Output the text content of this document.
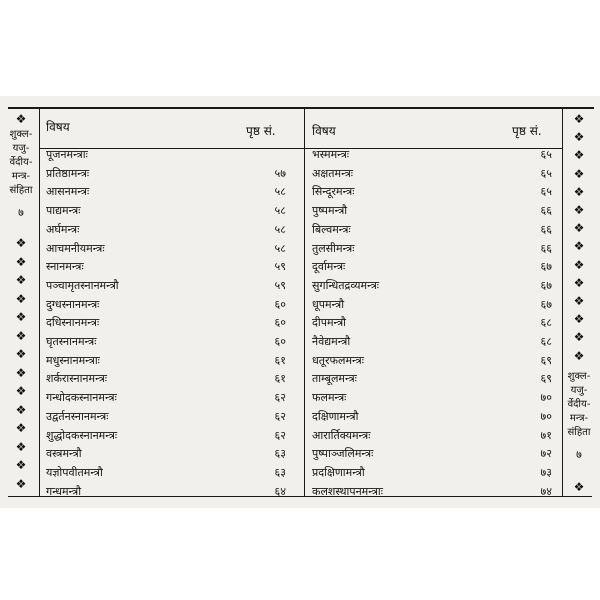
❖
शुक्ल-
यजु-
र्वेदीय-
मन्त्र-
संहिता
७
❖
❖
❖
❖
❖
❖
❖
❖
❖
❖
❖
❖
❖
❖
❖
❖
❖
❖
❖
❖
❖
❖
❖
❖
❖
❖
❖
❖
शुक्ल-
यजु-
र्वेदीय-
मन्त्र-
संहिता
७
❖
विषय	पृष्ठ सं.	विषय	पृष्ठ सं.
पूजनमन्त्राः
प्रतिष्ठामन्त्रः	५७
आसनमन्त्रः	५८
पाद्यमन्त्रः	५८
अर्घमन्त्रः	५८
आचमनीयमन्त्रः	५८
स्नानमन्त्रः	५९
पञ्चामृतस्नानमन्त्रौ	५९
दुग्धस्नानमन्त्रः	६०
दधिस्नानमन्त्रः	६०
घृतस्नानमन्त्रः	६०
मधुस्नानमन्त्राः	६१
शर्करास्नानमन्त्रः	६१
गन्धोदकस्नानमन्त्रः	६२
उद्वर्तनस्नानमन्त्रः	६२
शुद्धोदकस्नानमन्त्रः	६२
वस्त्रमन्त्रौ	६३
यज्ञोपवीतमन्त्रौ	६३
गन्धमन्त्रौ	६४
भस्ममन्त्रः	६५
अक्षतमन्त्रः	६५
सिन्दूरमन्त्रः	६५
पुष्पमन्त्रौ	६६
बिल्वमन्त्रः	६६
तुलसीमन्त्रः	६६
दूर्वामन्त्रः	६७
सुगन्धितद्रव्यमन्त्रः	६७
धूपमन्त्रौ	६७
दीपमन्त्रौ	६८
नैवेद्यमन्त्रौ	६८
धतूरफलमन्त्रः	६९
ताम्बूलमन्त्रः	६९
फलमन्त्रः	७०
दक्षिणामन्त्रौ	७०
आरार्तिक्यमन्त्रः	७१
पुष्पाञ्जलिमन्त्रः	७२
प्रदक्षिणामन्त्रौ	७३
कलशस्थापनमन्त्राः	७४
